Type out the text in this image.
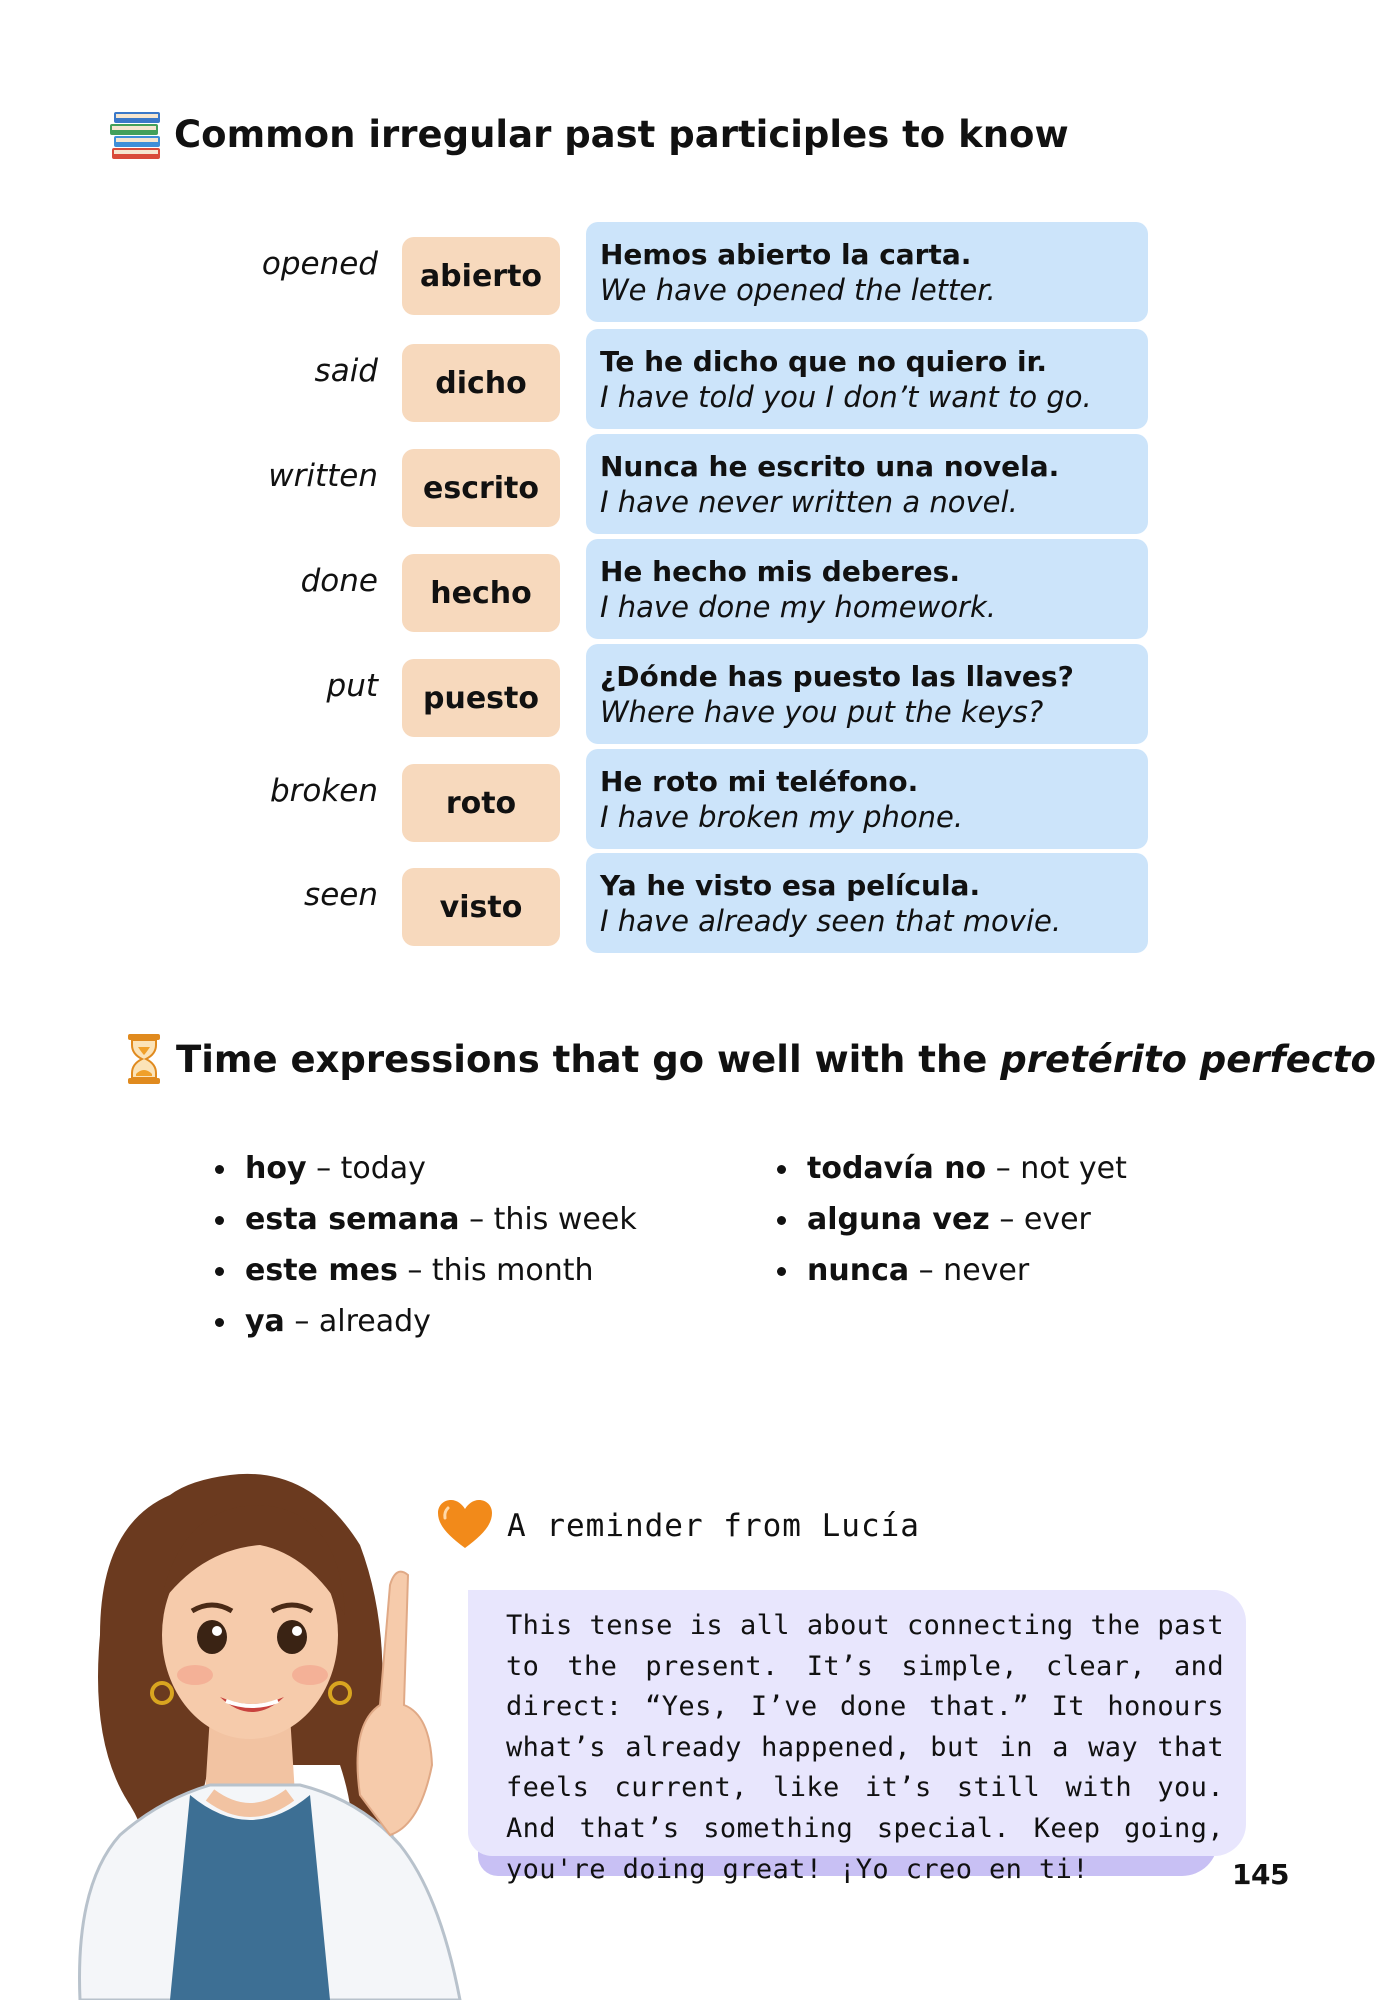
Common irregular past participles to know
opened	abierto
Hemos abierto la carta.
We have opened the letter.
said	dicho
Te he dicho que no quiero ir.
I have told you I don’t want to go.
written	escrito
Nunca he escrito una novela.
I have never written a novel.
done	hecho
He hecho mis deberes.
I have done my homework.
put	puesto
¿Dónde has puesto las llaves?
Where have you put the keys?
broken	roto
He roto mi teléfono.
I have broken my phone.
seen	visto
Ya he visto esa película.
I have already seen that movie.
Time expressions that go well with the pretérito perfecto
hoy – today
esta semana – this week
este mes – this month
ya – already
todavía no – not yet
alguna vez – ever
nunca – never

This tense is all about connecting the past to the present. It’s simple, clear, and direct: “Yes, I’ve done that.” It honours what’s already happened, but in a way that feels current, like it’s still with you. And that’s something special. Keep going, you're doing great! ¡Yo creo en ti!

A reminder from Lucía
145
